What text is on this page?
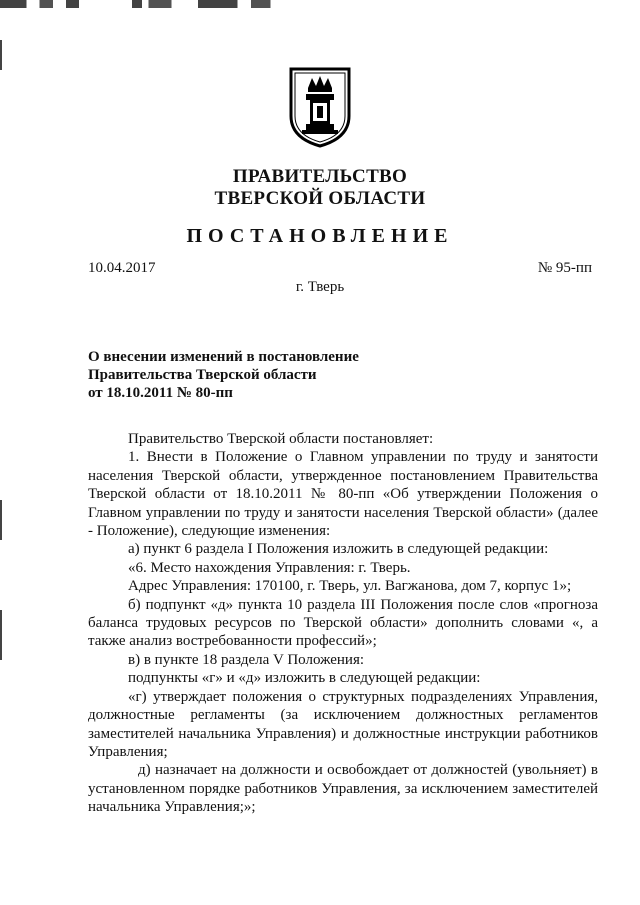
ПРАВИТЕЛЬСТВО
ТВЕРСКОЙ ОБЛАСТИ
ПОСТАНОВЛЕНИЕ
10.04.2017	№ 95-пп
г. Тверь
О внесении изменений в постановление
Правительства Тверской области
от 18.10.2011 № 80-пп

Правительство Тверской области постановляет:

1. Внести в Положение о Главном управлении по труду и занятости населения Тверской области, утвержденное постановлением Правительства Тверской области от 18.10.2011 № 80-пп «Об утверждении Положения о Главном управлении по труду и занятости населения Тверской области» (далее - Положение), следующие изменения:

а) пункт 6 раздела I Положения изложить в следующей редакции:

«6. Место нахождения Управления: г. Тверь.

Адрес Управления: 170100, г. Тверь, ул. Вагжанова, дом 7, корпус 1»;

б) подпункт «д» пункта 10 раздела III Положения после слов «прогноза баланса трудовых ресурсов по Тверской области» дополнить словами «, а также анализ востребованности профессий»;

в) в пункте 18 раздела V Положения:

подпункты «г» и «д» изложить в следующей редакции:

«г) утверждает положения о структурных подразделениях Управления, должностные регламенты (за исключением должностных регламентов заместителей начальника Управления) и должностные инструкции работников Управления;

д) назначает на должности и освобождает от должностей (увольняет) в установленном порядке работников Управления, за исключением заместителей начальника Управления;»;
